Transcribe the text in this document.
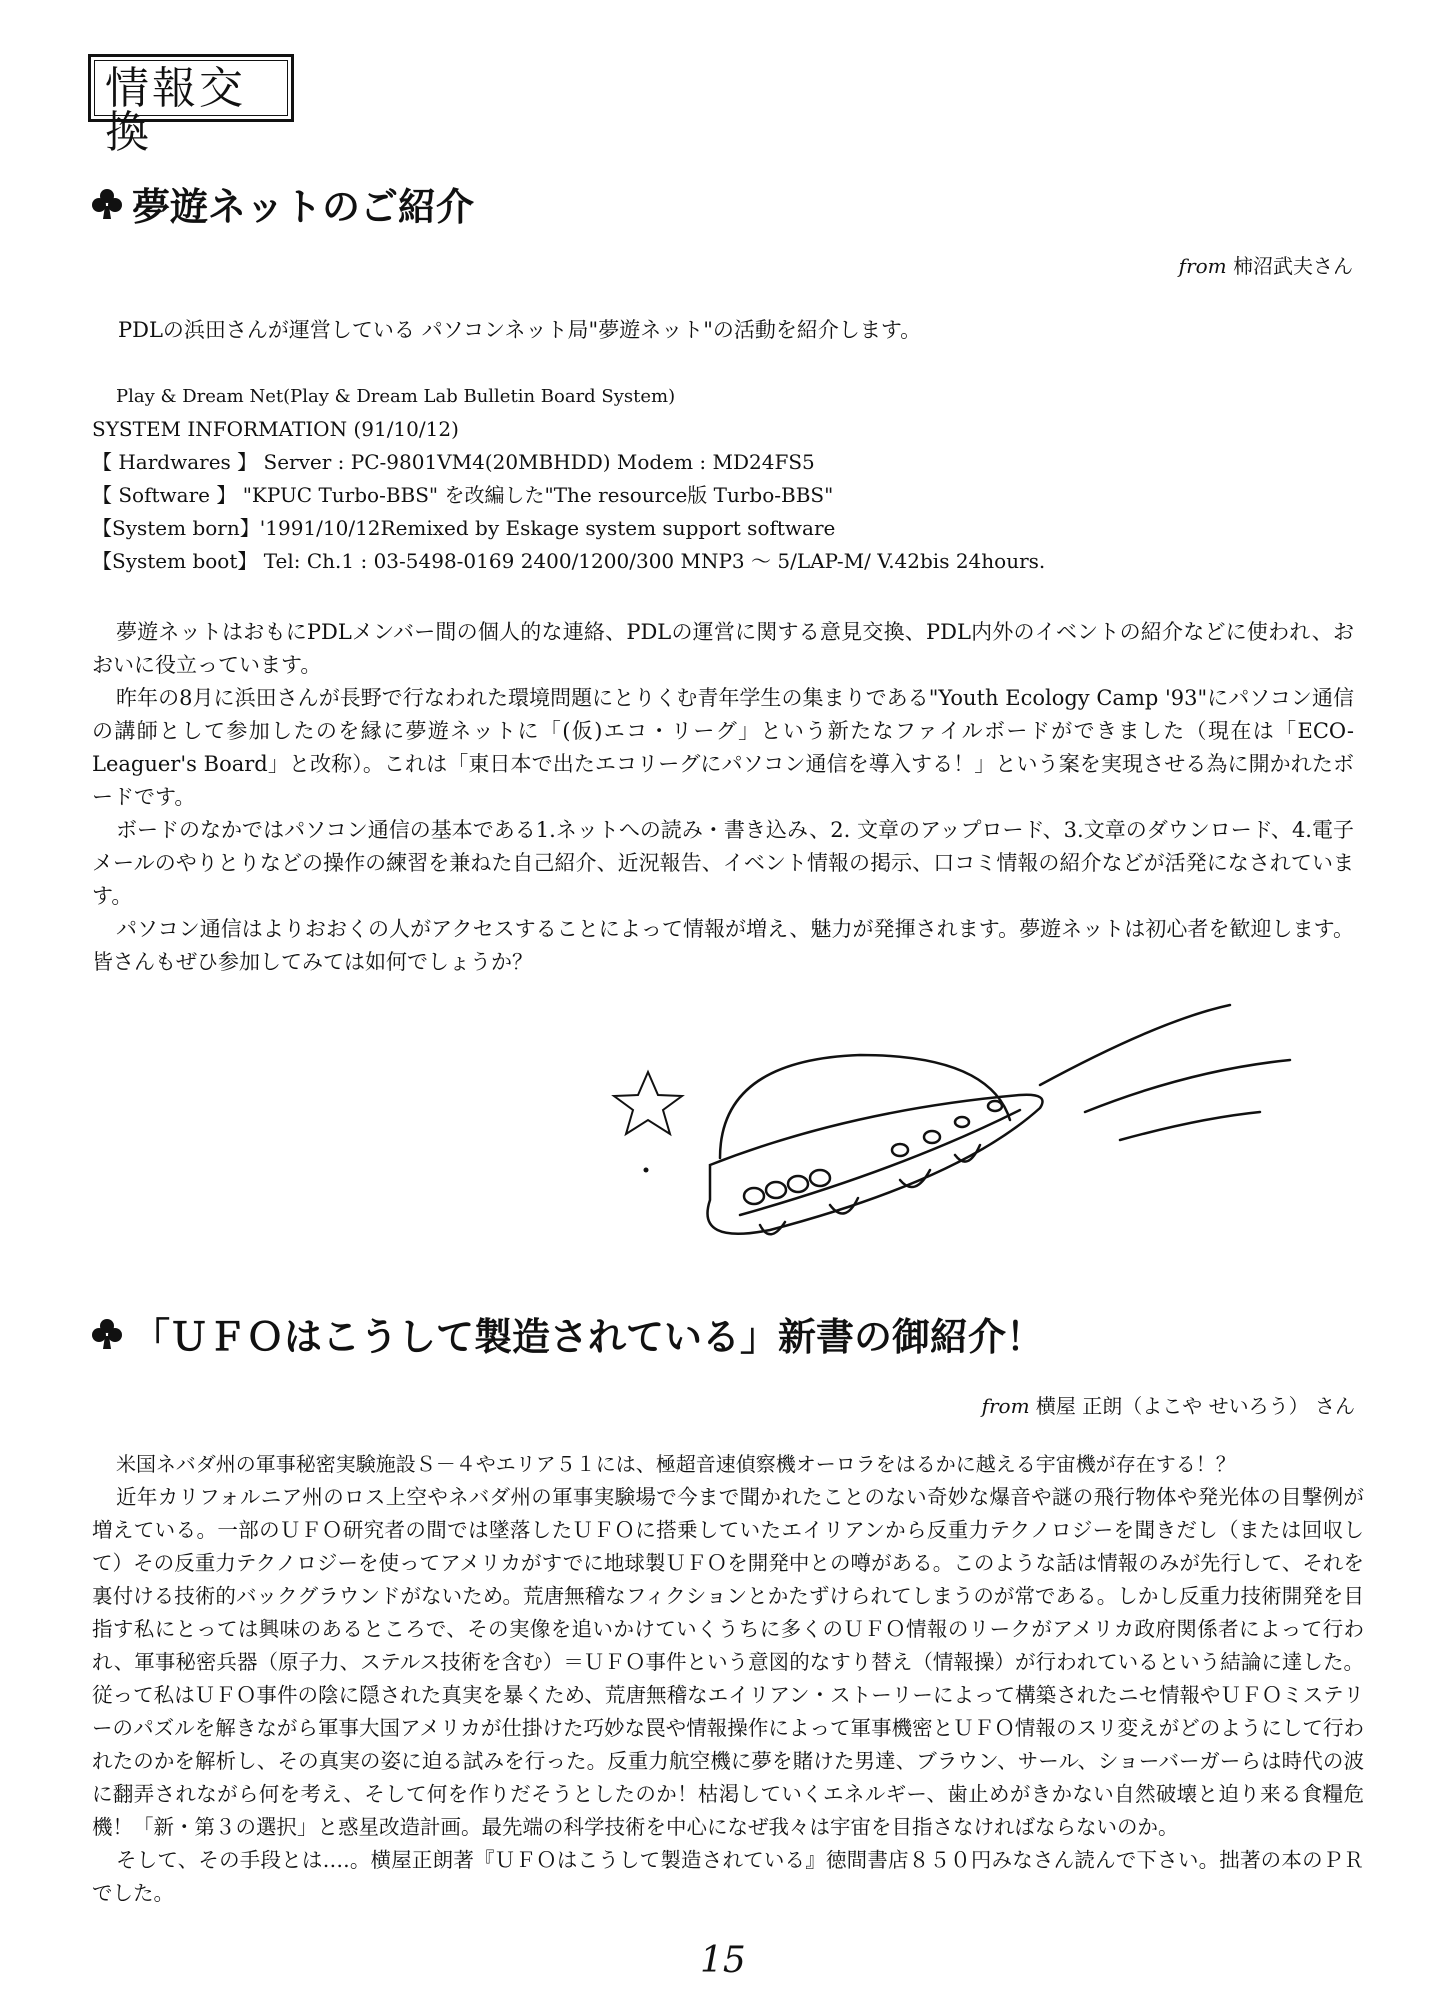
情報交換
夢遊ネットのご紹介
from 柿沼武夫さん
PDLの浜田さんが運営している パソコンネット局"夢遊ネット"の活動を紹介します。
Play & Dream Net(Play & Dream Lab Bulletin Board System)
SYSTEM INFORMATION (91/10/12)
【 Hardwares 】 Server : PC-9801VM4(20MBHDD) Modem : MD24FS5
【 Software 】 "KPUC Turbo-BBS" を改編した"The resource版 Turbo-BBS"
【System born】'1991/10/12Remixed by Eskage system support software
【System boot】 Tel: Ch.1 : 03-5498-0169 2400/1200/300 MNP3 ～ 5/LAP-M/ V.42bis 24hours.
夢遊ネットはおもにPDLメンバー間の個人的な連絡、PDLの運営に関する意見交換、PDL内外のイベントの紹介などに使われ、おおいに役立っています。
昨年の8月に浜田さんが長野で行なわれた環境問題にとりくむ青年学生の集まりである"Youth Ecology Camp '93"にパソコン通信の講師として参加したのを縁に夢遊ネットに「(仮)エコ・リーグ」という新たなファイルボードができました（現在は「ECO-Leaguer's Board」と改称）。これは「東日本で出たエコリーグにパソコン通信を導入する！」という案を実現させる為に開かれたボードです。
ボードのなかではパソコン通信の基本である1.ネットへの読み・書き込み、2. 文章のアップロード、3.文章のダウンロード、4.電子メールのやりとりなどの操作の練習を兼ねた自己紹介、近況報告、イベント情報の掲示、口コミ情報の紹介などが活発になされています。
パソコン通信はよりおおくの人がアクセスすることによって情報が増え、魅力が発揮されます。夢遊ネットは初心者を歓迎します。皆さんもぜひ参加してみては如何でしょうか？
「ＵＦＯはこうして製造されている」新書の御紹介！
from 横屋 正朗（よこや せいろう） さん
米国ネバダ州の軍事秘密実験施設Ｓ－４やエリア５１には、極超音速偵察機オーロラをはるかに越える宇宙機が存在する！？
近年カリフォルニア州のロス上空やネバダ州の軍事実験場で今まで聞かれたことのない奇妙な爆音や謎の飛行物体や発光体の目撃例が増えている。一部のＵＦＯ研究者の間では墜落したＵＦＯに搭乗していたエイリアンから反重力テクノロジーを聞きだし（または回収して）その反重力テクノロジーを使ってアメリカがすでに地球製ＵＦＯを開発中との噂がある。このような話は情報のみが先行して、それを裏付ける技術的バックグラウンドがないため。荒唐無稽なフィクションとかたずけられてしまうのが常である。しかし反重力技術開発を目指す私にとっては興味のあるところで、その実像を追いかけていくうちに多くのＵＦＯ情報のリークがアメリカ政府関係者によって行われ、軍事秘密兵器（原子力、ステルス技術を含む）＝ＵＦＯ事件という意図的なすり替え（情報操）が行われているという結論に達した。従って私はＵＦＯ事件の陰に隠された真実を暴くため、荒唐無稽なエイリアン・ストーリーによって構築されたニセ情報やＵＦＯミステリーのパズルを解きながら軍事大国アメリカが仕掛けた巧妙な罠や情報操作によって軍事機密とＵＦＯ情報のスリ変えがどのようにして行われたのかを解析し、その真実の姿に迫る試みを行った。反重力航空機に夢を賭けた男達、ブラウン、サール、ショーバーガーらは時代の波に翻弄されながら何を考え、そして何を作りだそうとしたのか！枯渇していくエネルギー、歯止めがきかない自然破壊と迫り来る食糧危機！「新・第３の選択」と惑星改造計画。最先端の科学技術を中心になぜ我々は宇宙を目指さなければならないのか。
そして、その手段とは….。横屋正朗著『ＵＦＯはこうして製造されている』徳間書店８５０円みなさん読んで下さい。拙著の本のＰＲでした。
15
